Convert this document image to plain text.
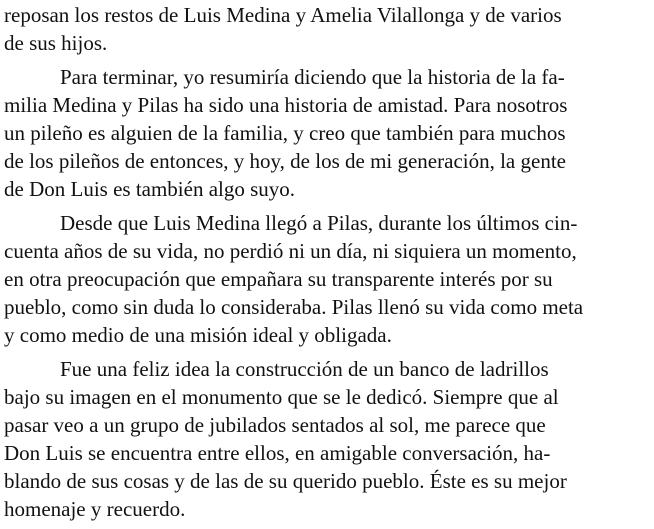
reposan los restos de Luis Medina y Amelia Vilallonga y de varios
de sus hijos.
Para terminar, yo resumiría diciendo que la historia de la fa-
milia Medina y Pilas ha sido una historia de amistad. Para nosotros
un pileño es alguien de la familia, y creo que también para muchos
de los pileños de entonces, y hoy, de los de mi generación, la gente
de Don Luis es también algo suyo.
Desde que Luis Medina llegó a Pilas, durante los últimos cin-
cuenta años de su vida, no perdió ni un día, ni siquiera un momento,
en otra preocupación que empañara su transparente interés por su
pueblo, como sin duda lo consideraba. Pilas llenó su vida como meta
y como medio de una misión ideal y obligada.
Fue una feliz idea la construcción de un banco de ladrillos
bajo su imagen en el monumento que se le dedicó. Siempre que al
pasar veo a un grupo de jubilados sentados al sol, me parece que
Don Luis se encuentra entre ellos, en amigable conversación, ha-
blando de sus cosas y de las de su querido pueblo. Éste es su mejor
homenaje y recuerdo.
